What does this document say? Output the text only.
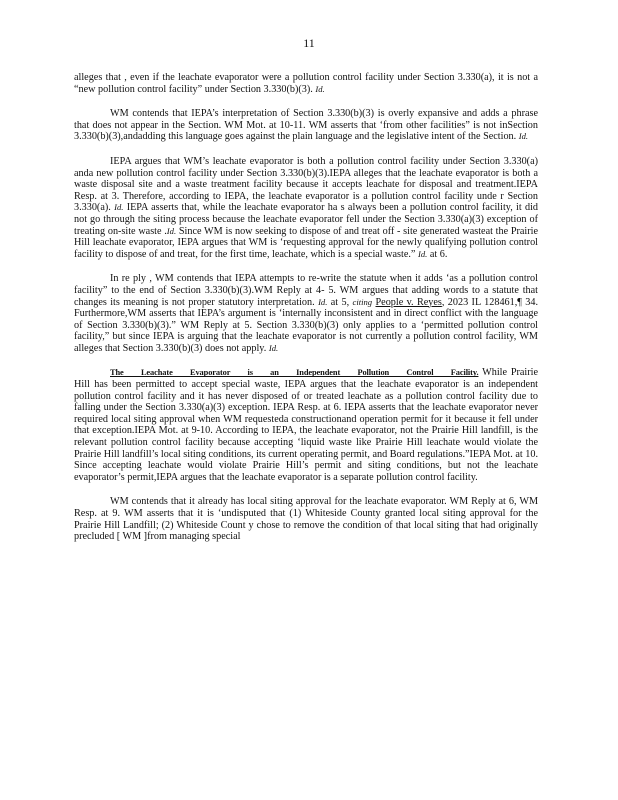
11

alleges that , even if the leachate evaporator were a pollution control facility under Section 3.330(a), it is not a “new pollution control facility” under Section 3.330(b)(3). Id.

WM contends that IEPA’s interpretation of Section 3.330(b)(3) is overly expansive and adds a phrase that does not appear in the Section. WM Mot. at 10-11. WM asserts that ‘from other facilities” is not inSection 3.330(b)(3),andadding this language goes against the plain language and the legislative intent of the Section. Id.

IEPA argues that WM’s leachate evaporator is both a pollution control facility under Section 3.330(a) anda new pollution control facility under Section 3.330(b)(3).IEPA alleges that the leachate evaporator is both a waste disposal site and a waste treatment facility because it accepts leachate for disposal and treatment.IEPA Resp. at 3. Therefore, according to IEPA, the leachate evaporator is a pollution control facility unde r Section 3.330(a). Id. IEPA asserts that, while the leachate evaporator ha s always been a pollution control facility, it did not go through the siting process because the leachate evaporator fell under the Section 3.330(a)(3) exception of treating on-site waste .Id. Since WM is now seeking to dispose of and treat off - site generated wasteat the Prairie Hill leachate evaporator, IEPA argues that WM is ‘requesting approval for the newly qualifying pollution control facility to dispose of and treat, for the first time, leachate, which is a special waste.” Id. at 6.

In re ply , WM contends that IEPA attempts to re-write the statute when it adds ‘as a pollution control facility” to the end of Section 3.330(b)(3).WM Reply at 4- 5. WM argues that adding words to a statute that changes its meaning is not proper statutory interpretation. Id. at 5, citing People v. Reyes, 2023 IL 128461,¶ 34. Furthermore,WM asserts that IEPA’s argument is ‘internally inconsistent and in direct conflict with the language of Section 3.330(b)(3).” WM Reply at 5. Section 3.330(b)(3) only applies to a ‘permitted pollution control facility,” but since IEPA is arguing that the leachate evaporator is not currently a pollution control facility, WM alleges that Section 3.330(b)(3) does not apply. Id.

The Leachate Evaporator is an Independent Pollution Control Facility. While Prairie Hill has been permitted to accept special waste, IEPA argues that the leachate evaporator is an independent pollution control facility and it has never disposed of or treated leachate as a pollution control facility due to falling under the Section 3.330(a)(3) exception. IEPA Resp. at 6. IEPA asserts that the leachate evaporator never required local siting approval when WM requesteda constructionand operation permit for it because it fell under that exception.IEPA Mot. at 9-10. According to IEPA, the leachate evaporator, not the Prairie Hill landfill, is the relevant pollution control facility because accepting ‘liquid waste like Prairie Hill leachate would violate the Prairie Hill landfill’s local siting conditions, its current operating permit, and Board regulations.”IEPA Mot. at 10. Since accepting leachate would violate Prairie Hill’s permit and siting conditions, but not the leachate evaporator’s permit,IEPA argues that the leachate evaporator is a separate pollution control facility.

WM contends that it already has local siting approval for the leachate evaporator. WM Reply at 6, WM Resp. at 9. WM asserts that it is ‘undisputed that (1) Whiteside County granted local siting approval for the Prairie Hill Landfill; (2) Whiteside Count y chose to remove the condition of that local siting that had originally precluded [ WM ]from managing special
